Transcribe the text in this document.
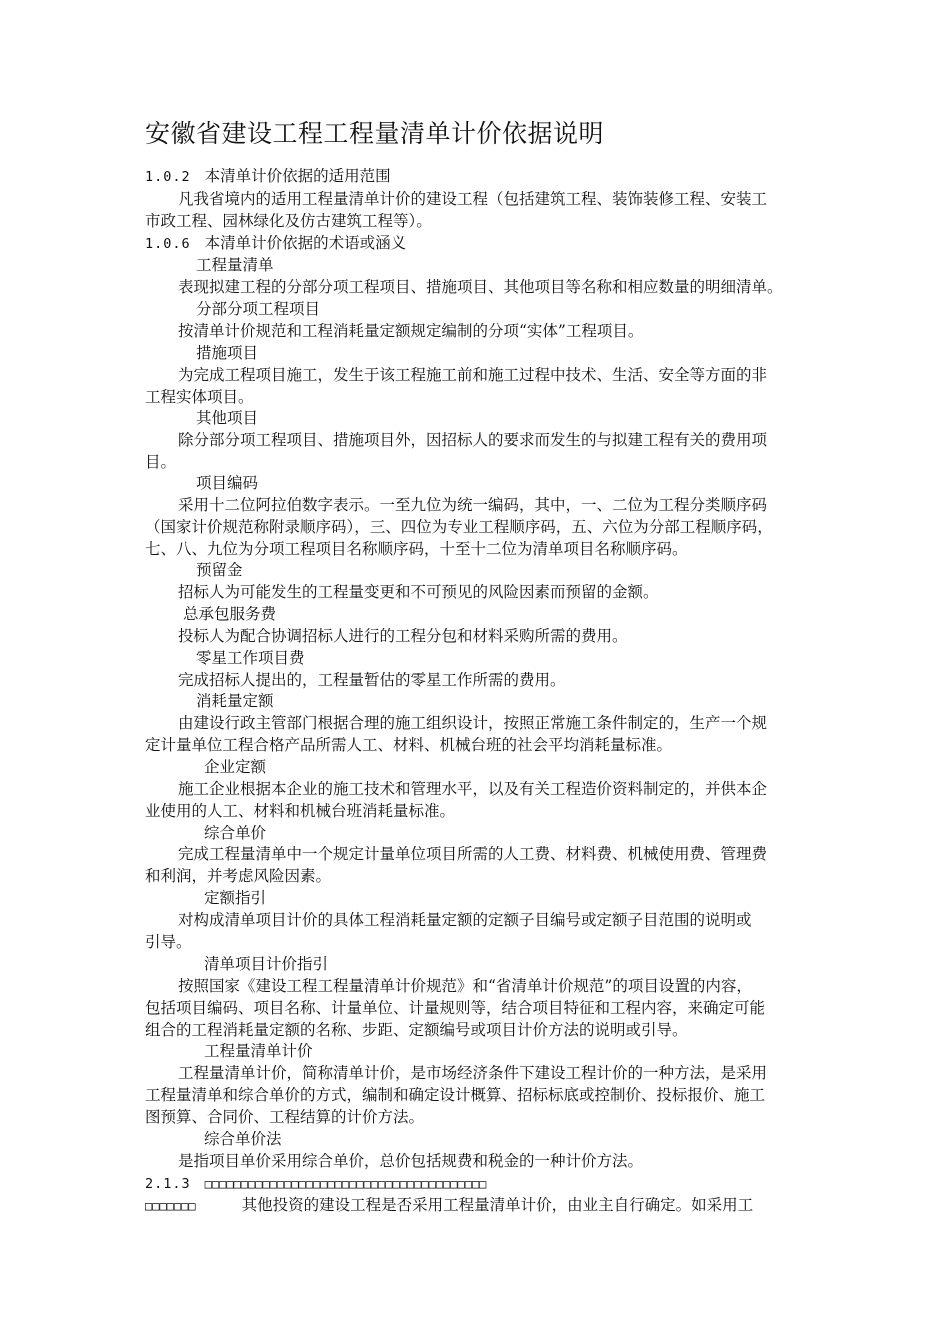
安徽省建设工程工程量清单计价依据说明
1.0.2 本清单计价依据的适用范围
凡我省境内的适用工程量清单计价的建设工程（包括建筑工程、装饰装修工程、安装工
市政工程、园林绿化及仿古建筑工程等）。
1.0.6 本清单计价依据的术语或涵义
工程量清单
表现拟建工程的分部分项工程项目、措施项目、其他项目等名称和相应数量的明细清单。
分部分项工程项目
按清单计价规范和工程消耗量定额规定编制的分项“实体”工程项目。
措施项目
为完成工程项目施工，发生于该工程施工前和施工过程中技术、生活、安全等方面的非
工程实体项目。
其他项目
除分部分项工程项目、措施项目外，因招标人的要求而发生的与拟建工程有关的费用项
目。
项目编码
采用十二位阿拉伯数字表示。一至九位为统一编码，其中，一、二位为工程分类顺序码
（国家计价规范称附录顺序码），三、四位为专业工程顺序码，五、六位为分部工程顺序码，
七、八、九位为分项工程项目名称顺序码，十至十二位为清单项目名称顺序码。
预留金
招标人为可能发生的工程量变更和不可预见的风险因素而预留的金额。
总承包服务费
投标人为配合协调招标人进行的工程分包和材料采购所需的费用。
零星工作项目费
完成招标人提出的，工程量暂估的零星工作所需的费用。
消耗量定额
由建设行政主管部门根据合理的施工组织设计，按照正常施工条件制定的，生产一个规
定计量单位工程合格产品所需人工、材料、机械台班的社会平均消耗量标准。
企业定额
施工企业根据本企业的施工技术和管理水平，以及有关工程造价资料制定的，并供本企
业使用的人工、材料和机械台班消耗量标准。
综合单价
完成工程量清单中一个规定计量单位项目所需的人工费、材料费、机械使用费、管理费
和利润，并考虑风险因素。
定额指引
对构成清单项目计价的具体工程消耗量定额的定额子目编号或定额子目范围的说明或
引导。
清单项目计价指引
按照国家《建设工程工程量清单计价规范》和“省清单计价规范”的项目设置的内容，
包括项目编码、项目名称、计量单位、计量规则等，结合项目特征和工程内容，来确定可能
组合的工程消耗量定额的名称、步距、定额编号或项目计价方法的说明或引导。
工程量清单计价
工程量清单计价，简称清单计价，是市场经济条件下建设工程计价的一种方法，是采用
工程量清单和综合单价的方式，编制和确定设计概算、招标标底或控制价、投标报价、施工
图预算、合同价、工程结算的计价方法。
综合单价法
是指项目单价采用综合单价，总价包括规费和税金的一种计价方法。
2.1.3 □□□□□□□□□□□□□□□□□□□□□□□□□□□□□□□□□□□□□□□
□□□□□□□	其他投资的建设工程是否采用工程量清单计价，由业主自行确定。如采用工
